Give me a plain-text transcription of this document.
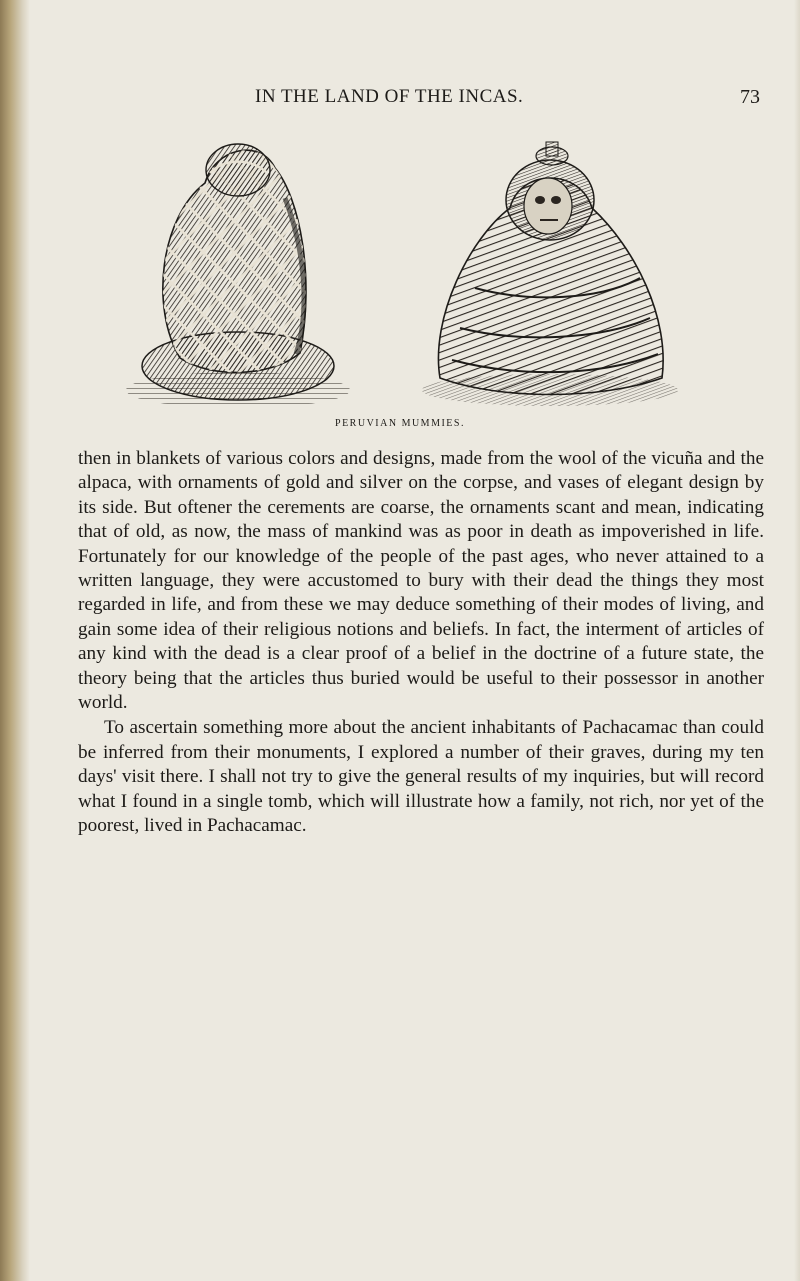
IN THE LAND OF THE INCAS.	73
PERUVIAN MUMMIES.

then in blankets of various colors and designs, made from the wool of the vicuña and the alpaca, with ornaments of gold and silver on the corpse, and vases of elegant design by its side. But oftener the cerements are coarse, the ornaments scant and mean, indicating that of old, as now, the mass of mankind was as poor in death as impoverished in life. Fortunately for our knowledge of the people of the past ages, who never attained to a written language, they were accustomed to bury with their dead the things they most regarded in life, and from these we may deduce something of their modes of living, and gain some idea of their religious notions and beliefs. In fact, the interment of articles of any kind with the dead is a clear proof of a belief in the doctrine of a future state, the theory being that the articles thus buried would be useful to their possessor in another world.

To ascertain something more about the ancient inhabitants of Pachacamac than could be inferred from their monuments, I explored a number of their graves, during my ten days' visit there. I shall not try to give the general results of my inquiries, but will record what I found in a single tomb, which will illustrate how a family, not rich, nor yet of the poorest, lived in Pachacamac.
